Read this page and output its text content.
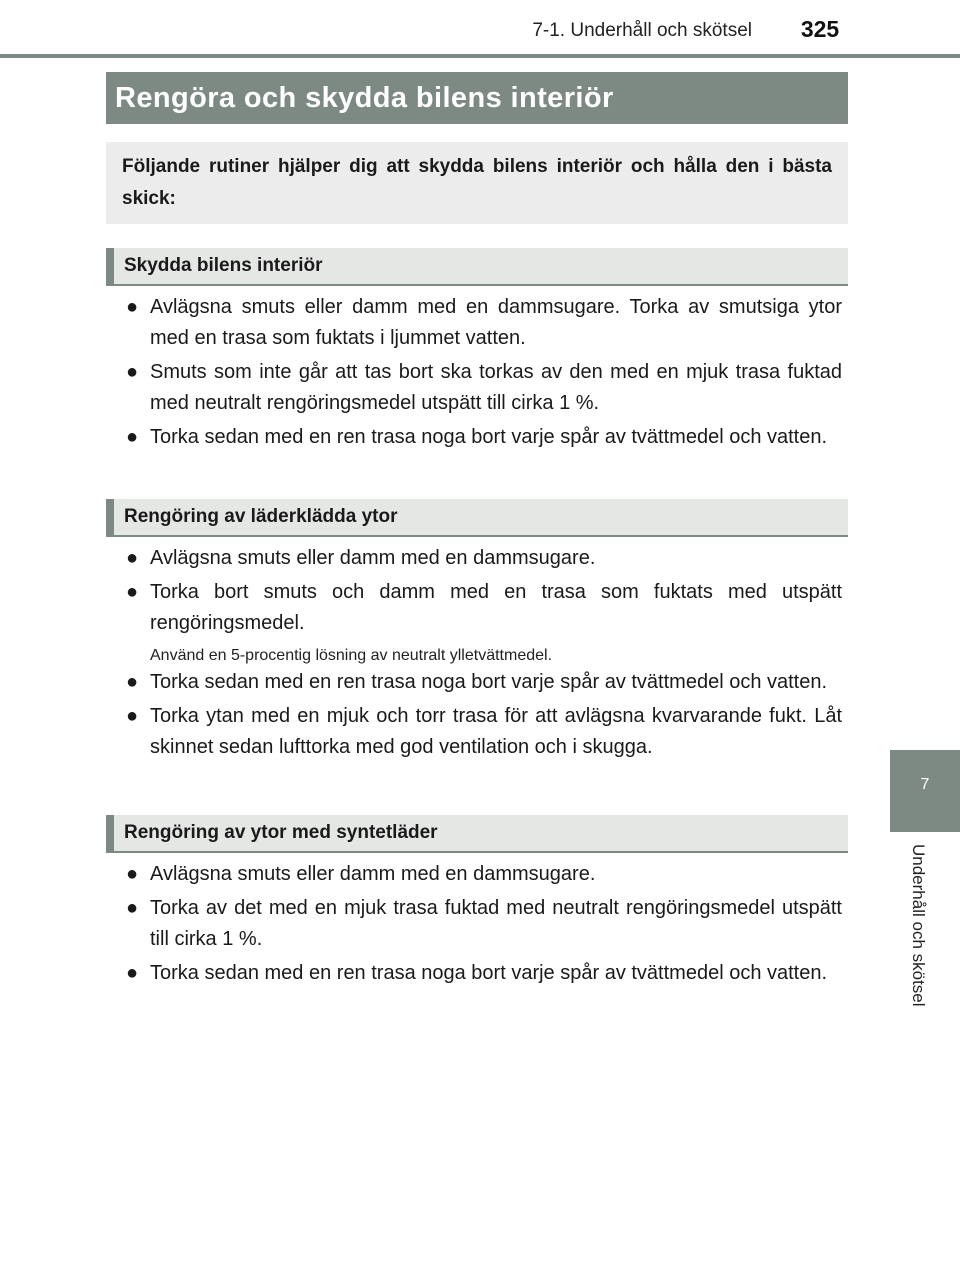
7-1. Underhåll och skötsel	325
7
Underhåll och skötsel
Rengöra och skydda bilens interiör
Följande rutiner hjälper dig att skydda bilens interiör och hålla den i bästa skick:
Skydda bilens interiör
● Avlägsna smuts eller damm med en dammsugare. Torka av smutsiga ytor med en trasa som fuktats i ljummet vatten.
● Smuts som inte går att tas bort ska torkas av den med en mjuk trasa fuktad med neutralt rengöringsmedel utspätt till cirka 1 %.
● Torka sedan med en ren trasa noga bort varje spår av tvättmedel och vatten.
Rengöring av läderklädda ytor
● Avlägsna smuts eller damm med en dammsugare.
● Torka bort smuts och damm med en trasa som fuktats med utspätt rengöringsmedel.
Använd en 5-procentig lösning av neutralt ylletvättmedel.
● Torka sedan med en ren trasa noga bort varje spår av tvättmedel och vatten.
● Torka ytan med en mjuk och torr trasa för att avlägsna kvarvarande fukt. Låt skinnet sedan lufttorka med god ventilation och i skugga.
Rengöring av ytor med syntetläder
● Avlägsna smuts eller damm med en dammsugare.
● Torka av det med en mjuk trasa fuktad med neutralt rengöringsmedel utspätt till cirka 1 %.
● Torka sedan med en ren trasa noga bort varje spår av tvättmedel och vatten.
